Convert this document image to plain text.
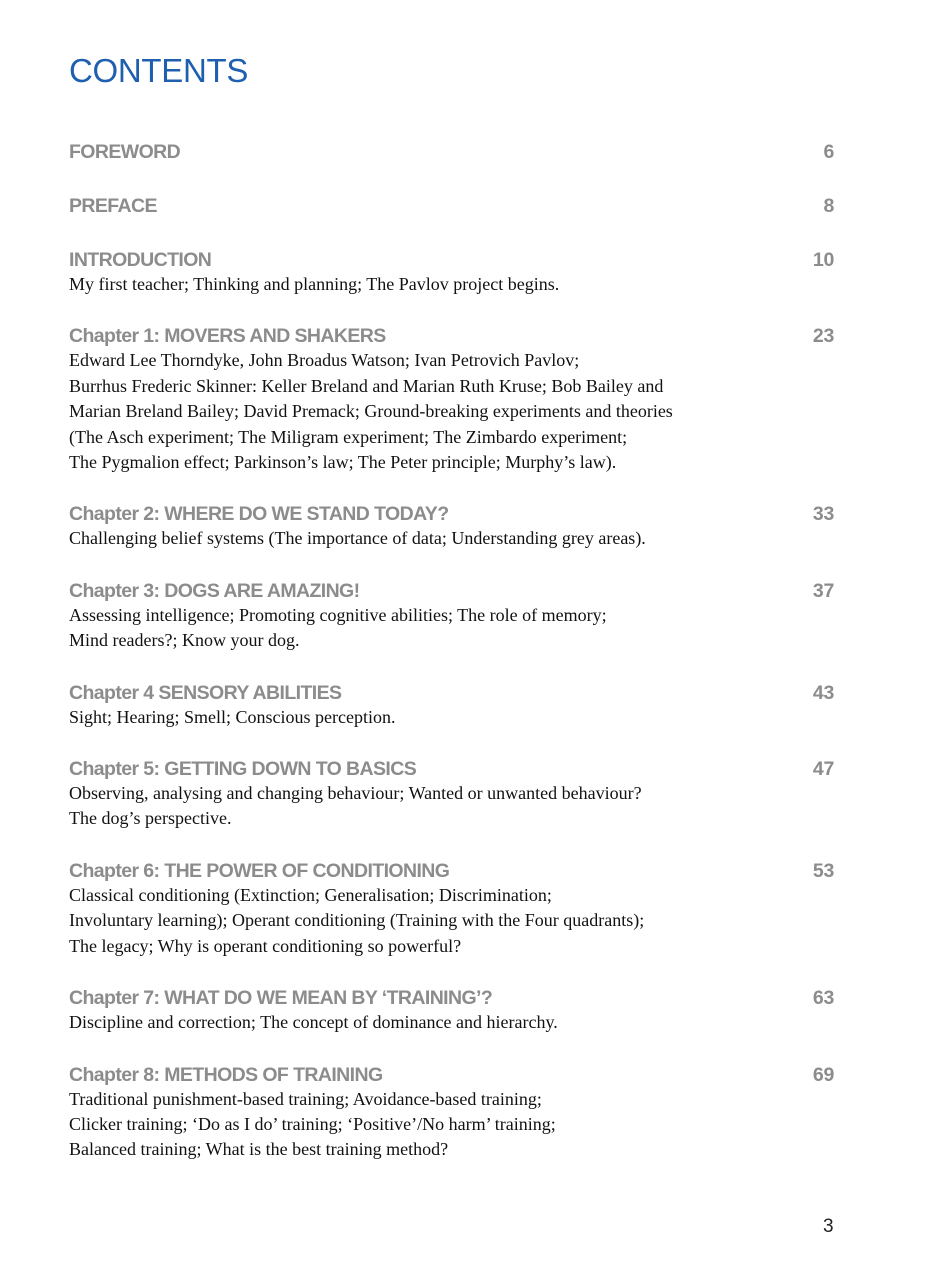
CONTENTS
FOREWORD	6
PREFACE	8
INTRODUCTION	10
My first teacher; Thinking and planning; The Pavlov project begins.
Chapter 1: MOVERS AND SHAKERS	23
Edward Lee Thorndyke, John Broadus Watson; Ivan Petrovich Pavlov;
Burrhus Frederic Skinner: Keller Breland and Marian Ruth Kruse; Bob Bailey and
Marian Breland Bailey; David Premack; Ground-breaking experiments and theories
(The Asch experiment; The Miligram experiment; The Zimbardo experiment;
The Pygmalion effect; Parkinson’s law; The Peter principle; Murphy’s law).
Chapter 2: WHERE DO WE STAND TODAY?	33
Challenging belief systems (The importance of data; Understanding grey areas).
Chapter 3: DOGS ARE AMAZING!	37
Assessing intelligence; Promoting cognitive abilities; The role of memory;
Mind readers?; Know your dog.
Chapter 4 SENSORY ABILITIES	43
Sight; Hearing; Smell; Conscious perception.
Chapter 5: GETTING DOWN TO BASICS	47
Observing, analysing and changing behaviour; Wanted or unwanted behaviour?
The dog’s perspective.
Chapter 6: THE POWER OF CONDITIONING	53
Classical conditioning (Extinction; Generalisation; Discrimination;
Involuntary learning); Operant conditioning (Training with the Four quadrants);
The legacy; Why is operant conditioning so powerful?
Chapter 7: WHAT DO WE MEAN BY ‘TRAINING’?	63
Discipline and correction; The concept of dominance and hierarchy.
Chapter 8: METHODS OF TRAINING	69
Traditional punishment-based training; Avoidance-based training;
Clicker training; ‘Do as I do’ training; ‘Positive’/No harm’ training;
Balanced training; What is the best training method?
3
